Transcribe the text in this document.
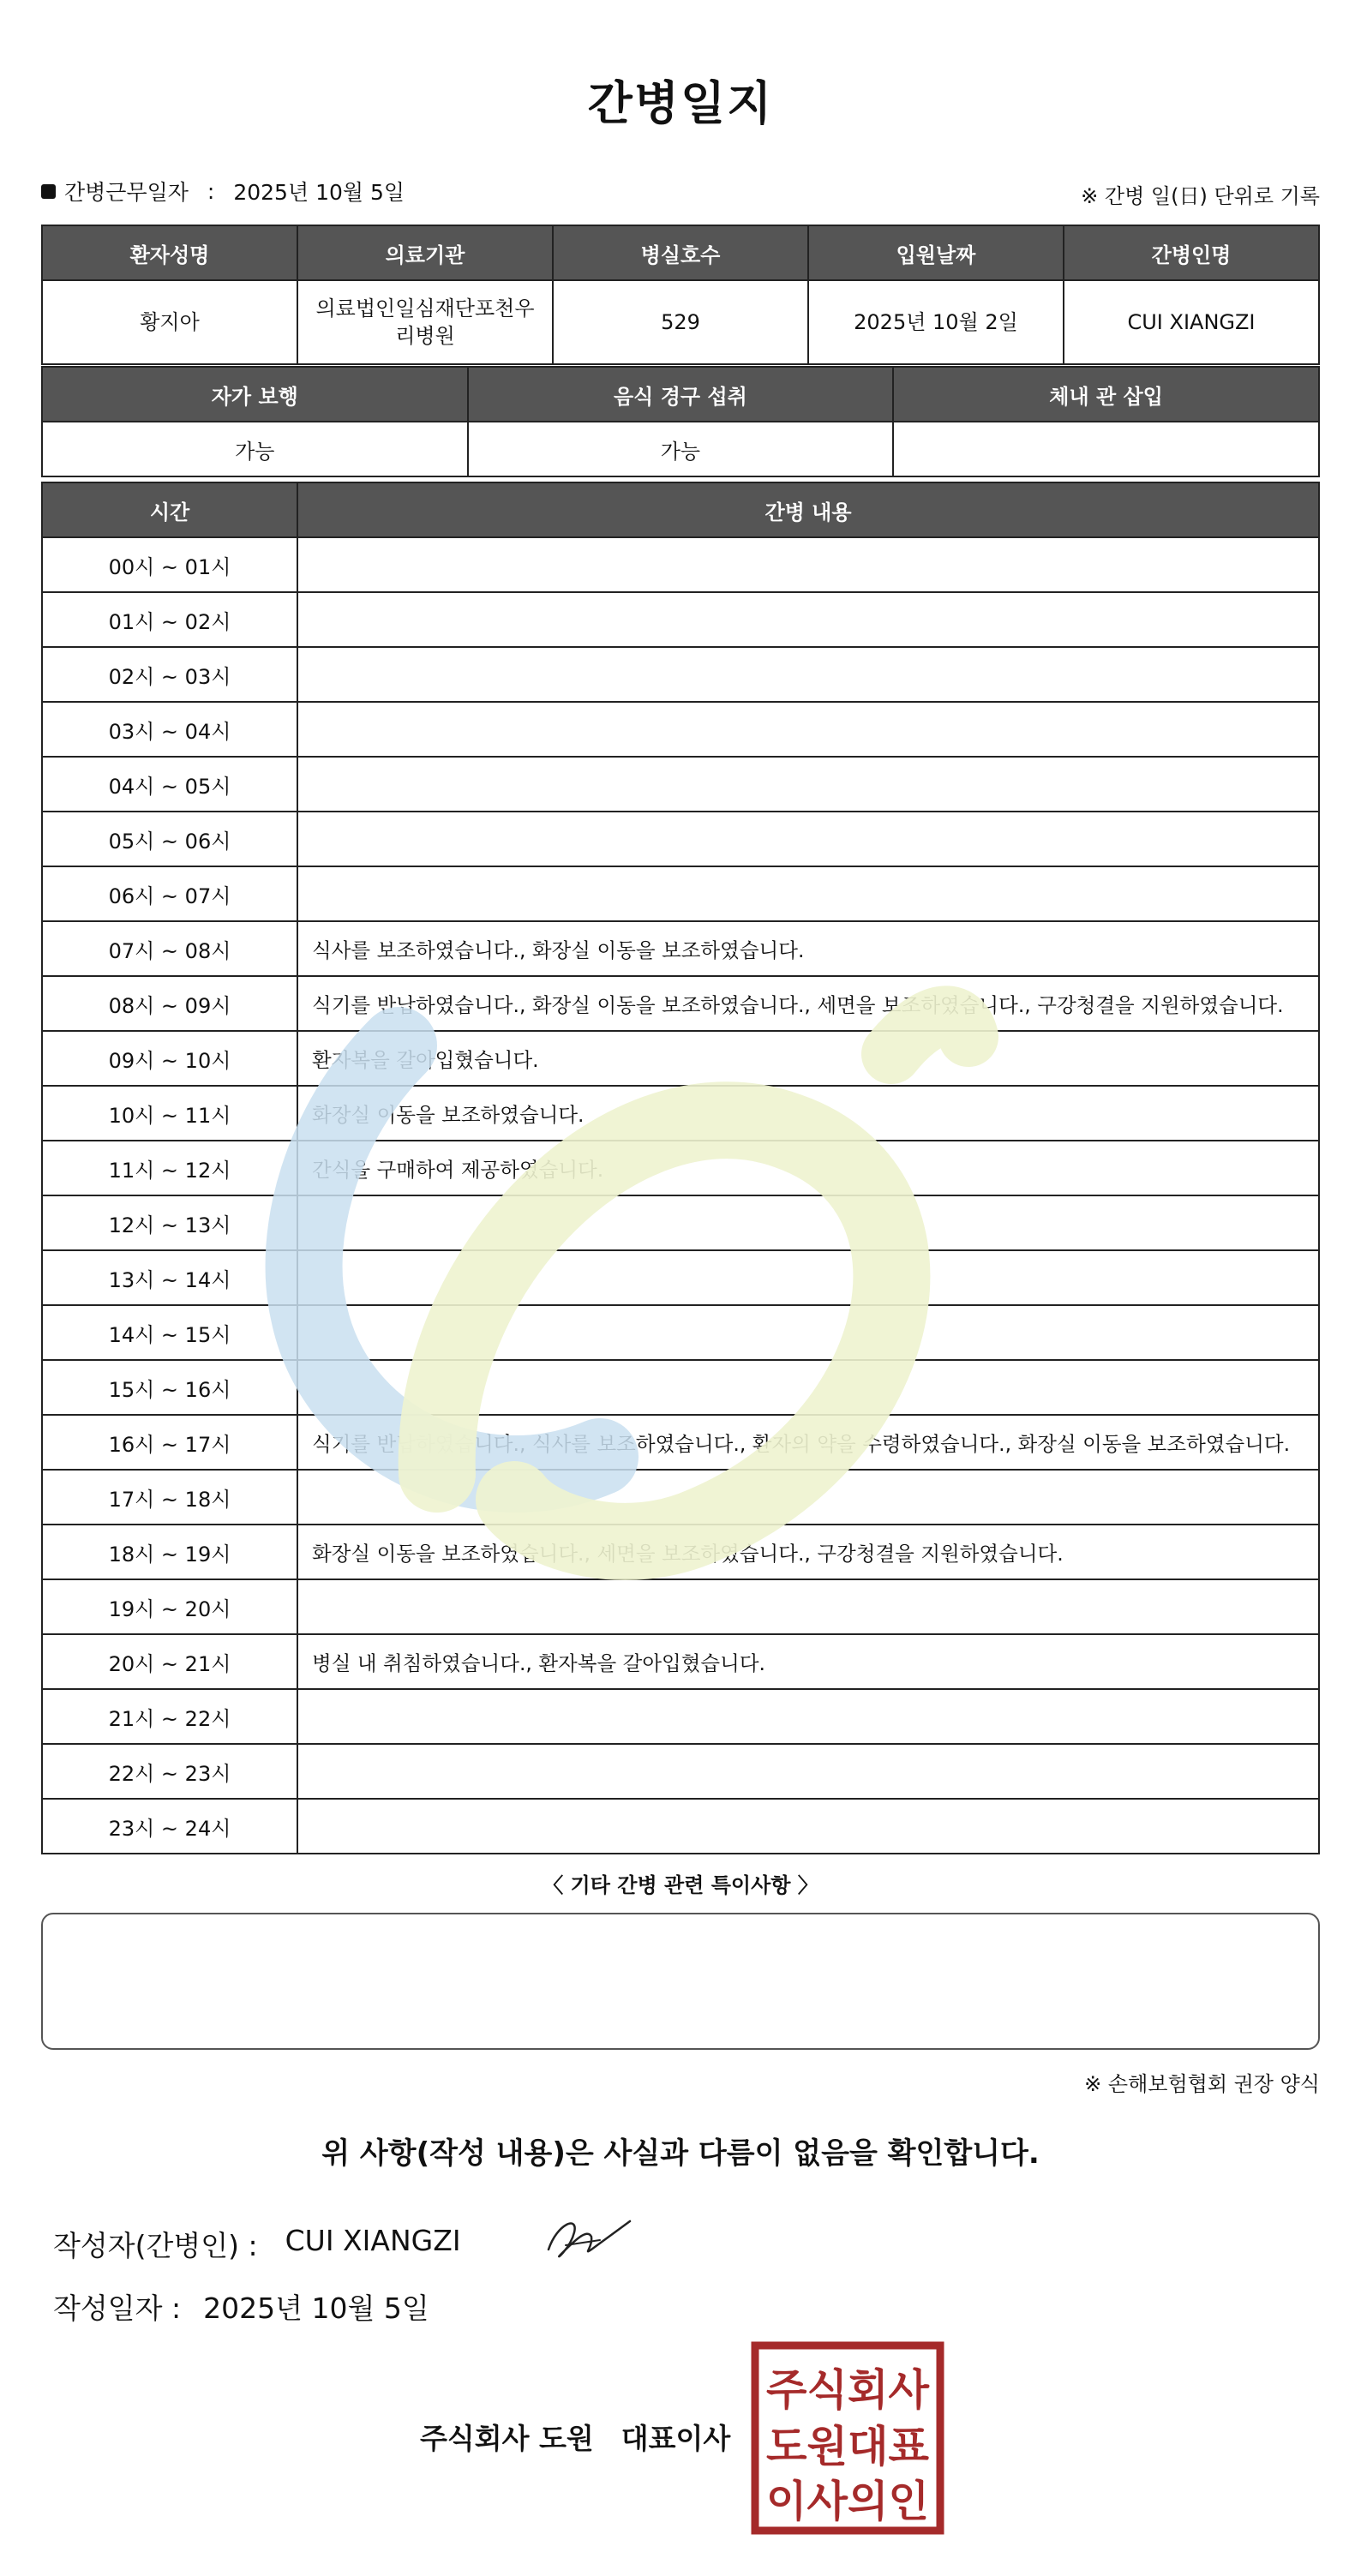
간병일지
간병근무일자 : 2025년 10월 5일	※ 간병 일(日) 단위로 기록
환자성명	의료기관	병실호수	입원날짜	간병인명
황지아	의료법인일심재단포천우리병원	529	2025년 10월 2일	CUI XIANGZI
자가 보행	음식 경구 섭취	체내 관 삽입
가능	가능	
시간	간병 내용
00시 ~ 01시	
01시 ~ 02시	
02시 ~ 03시	
03시 ~ 04시	
04시 ~ 05시	
05시 ~ 06시	
06시 ~ 07시	
07시 ~ 08시	식사를 보조하였습니다., 화장실 이동을 보조하였습니다.
08시 ~ 09시	식기를 반납하였습니다., 화장실 이동을 보조하였습니다., 세면을 보조하였습니다., 구강청결을 지원하였습니다.
09시 ~ 10시	환자복을 갈아입혔습니다.
10시 ~ 11시	화장실 이동을 보조하였습니다.
11시 ~ 12시	간식을 구매하여 제공하였습니다.
12시 ~ 13시	
13시 ~ 14시	
14시 ~ 15시	
15시 ~ 16시	
16시 ~ 17시	식기를 반납하였습니다., 식사를 보조하였습니다., 환자의 약을 수령하였습니다., 화장실 이동을 보조하였습니다.
17시 ~ 18시	
18시 ~ 19시	화장실 이동을 보조하였습니다., 세면을 보조하였습니다., 구강청결을 지원하였습니다.
19시 ~ 20시	
20시 ~ 21시	병실 내 취침하였습니다., 환자복을 갈아입혔습니다.
21시 ~ 22시	
22시 ~ 23시	
23시 ~ 24시	
〈 기타 간병 관련 특이사항 〉
※ 손해보험협회 권장 양식
위 사항(작성 내용)은 사실과 다름이 없음을 확인합니다.
작성자(간병인) : CUI XIANGZI
작성일자 : 2025년 10월 5일
주식회사 도원 대표이사
주식회사
도원대표
이사의인
